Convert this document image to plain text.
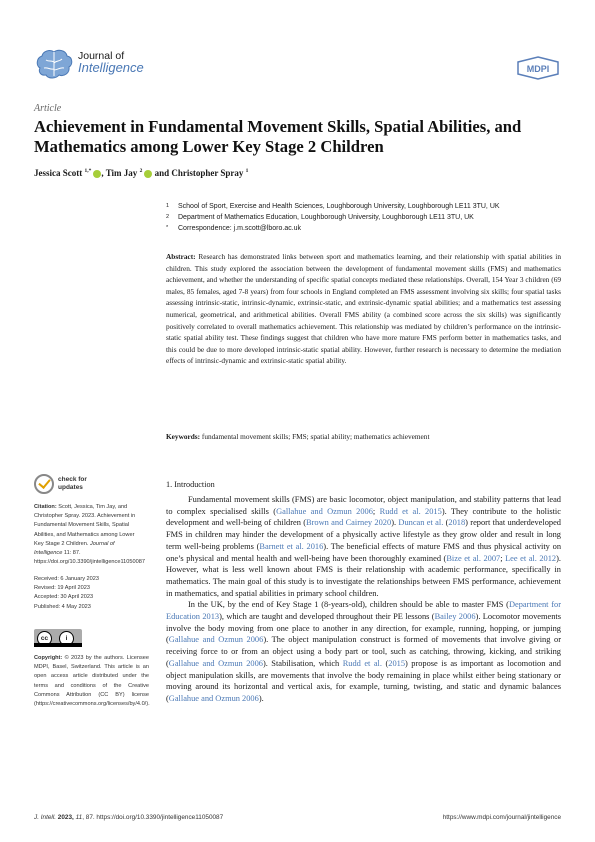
Journal of
Intelligence	MDPI
Article
Achievement in Fundamental Movement Skills, Spatial Abilities, and Mathematics among Lower Key Stage 2 Children
Jessica Scott $^{1,*}$ , Tim Jay $^2$ and Christopher Spray $^1$
1 School of Sport, Exercise and Health Sciences, Loughborough University, Loughborough LE11 3TU, UK
2 Department of Mathematics Education, Loughborough University, Loughborough LE11 3TU, UK
* Correspondence: j.m.scott@lboro.ac.uk
Abstract: Research has demonstrated links between sport and mathematics learning, and their relationship with spatial abilities in children. This study explored the association between the development of fundamental movement skills (FMS) and mathematics achievement, and whether the understanding of specific spatial concepts mediated these relationships. Overall, 154 Year 3 children (69 males, 85 females, aged 7-8 years) from four schools in England completed an FMS assessment involving six skills; four spatial tasks assessing intrinsic-static, intrinsic-dynamic, extrinsic-static, and extrinsic-dynamic spatial abilities; and a mathematics test assessing numerical, geometrical, and arithmetical abilities. Overall FMS ability (a combined score across the six skills) was significantly positively correlated to overall mathematics achievement. This relationship was mediated by children’s performance on the intrinsic-static spatial ability test. These findings suggest that children who have more mature FMS perform better in mathematics tasks, and this could be due to more developed intrinsic-static spatial ability. However, further research is necessary to determine the mediation effects of intrinsic-dynamic and extrinsic-static spatial ability.
Keywords: fundamental movement skills; FMS; spatial ability; mathematics achievement
check for
updates
Citation: Scott, Jessica, Tim Jay, and Christopher Spray. 2023. Achievement in Fundamental Movement Skills, Spatial Abilities, and Mathematics among Lower Key Stage 2 Children. Journal of Intelligence 11: 87. https://doi.org/10.3390/jintelligence11050087
Received: 6 January 2023
Revised: 19 April 2023
Accepted: 30 April 2023
Published: 4 May 2023
cc	i
Copyright: © 2023 by the authors. Licensee MDPI, Basel, Switzerland. This article is an open access article distributed under the terms and conditions of the Creative Commons Attribution (CC BY) license (https://creativecommons.org/licenses/by/4.0/).
1. Introduction

Fundamental movement skills (FMS) are basic locomotor, object manipulation, and stability patterns that lead to complex specialised skills (Gallahue and Ozmun 2006; Rudd et al. 2015). They contribute to the holistic development and well-being of children (Brown and Cairney 2020). Duncan et al. (2018) report that underdeveloped FMS in children may hinder the development of a physically active lifestyle as they grow older and result in long term well-being problems (Barnett et al. 2016). The beneficial effects of mature FMS and thus physical activity on one’s physical and mental health and well-being have been thoroughly examined (Bize et al. 2007; Lee et al. 2012). However, what is less well known about FMS is their relationship with academic performance, specifically in mathematics. The main goal of this study is to investigate the relationships between FMS performance, achievement in mathematics, and spatial abilities in primary school children.

In the UK, by the end of Key Stage 1 (8-years-old), children should be able to master FMS (Department for Education 2013), which are taught and developed throughout their PE lessons (Bailey 2006). Locomotor movements involve the body moving from one place to another in any direction, for example, running, hopping, or jumping (Gallahue and Ozmun 2006). The object manipulation construct is formed of movements that involve giving or receiving force to or from an object using a body part or tool, such as catching, throwing, kicking, and striking (Gallahue and Ozmun 2006). Stabilisation, which Rudd et al. (2015) propose is as important as locomotion and object manipulation skills, are movements that involve the body remaining in place whilst either being stationary or moving around its horizontal and vertical axis, for example, turning, twisting, and static and dynamic balances (Gallahue and Ozmun 2006).

J. Intell. 2023, 11, 87. https://doi.org/10.3390/jintelligence11050087	https://www.mdpi.com/journal/jintelligence
